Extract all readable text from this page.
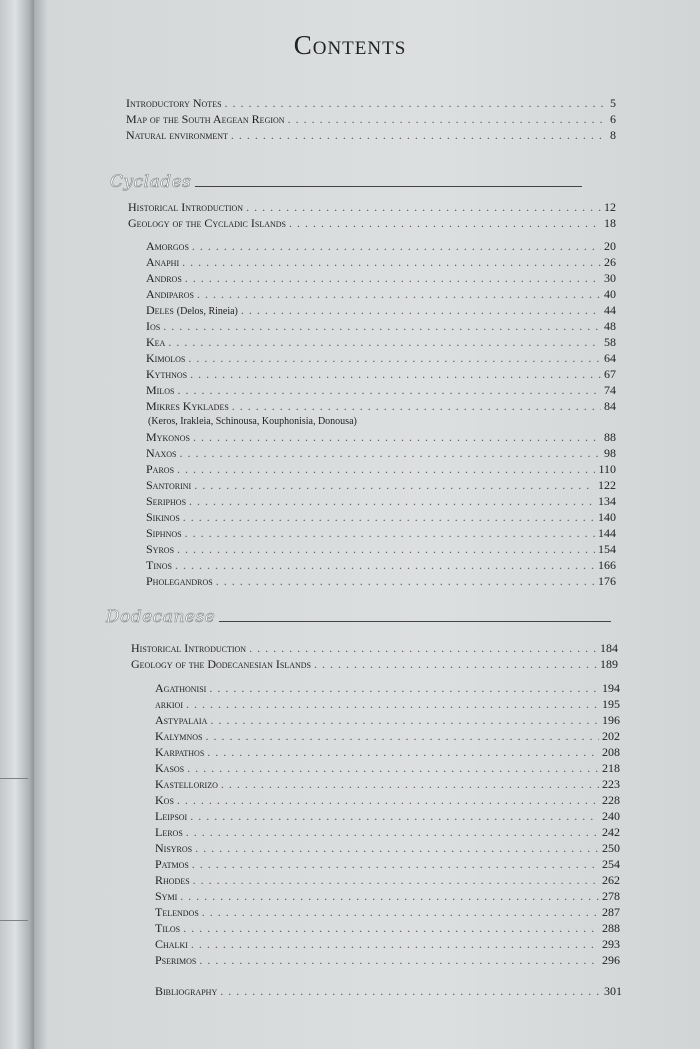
Contents
Introductory Notes . . .	5
Map of the South Aegean Region . . .	6
Natural environment . . .	8
Cyclades
Historical Introduction . . .	12
Geology of the Cycladic Islands . . .	18
Amorgos . . .	20
Anaphi . . .	26
Andros . . .	30
Andiparos . . .	40
Deles (Delos, Rineia) . . .	44
Ios . . .	48
Kea . . .	58
Kimolos . . .	64
Kythnos . . .	67
Milos . . .	74
Mikres Kyklades . . .	84
(Keros, Irakleia, Schinousa, Kouphonisia, Donousa)
Mykonos . . .	88
Naxos . . .	98
Paros . . .	110
Santorini . . .	122
Seriphos . . .	134
Sikinos . . .	140
Siphnos . . .	144
Syros . . .	154
Tinos . . .	166
Pholegandros . . .	176
Dodecanese
Historical Introduction . . .	184
Geology of the Dodecanesian Islands . . .	189
Agathonisi . . .	194
arkioi . . .	195
Astypalaia . . .	196
Kalymnos . . .	202
Karpathos . . .	208
Kasos . . .	218
Kastellorizo . . .	223
Kos . . .	228
Leipsoi . . .	240
Leros . . .	242
Nisyros . . .	250
Patmos . . .	254
Rhodes . . .	262
Symi . . .	278
Telendos . . .	287
Tilos . . .	288
Chalki . . .	293
Pserimos . . .	296
Bibliography . . .	301
